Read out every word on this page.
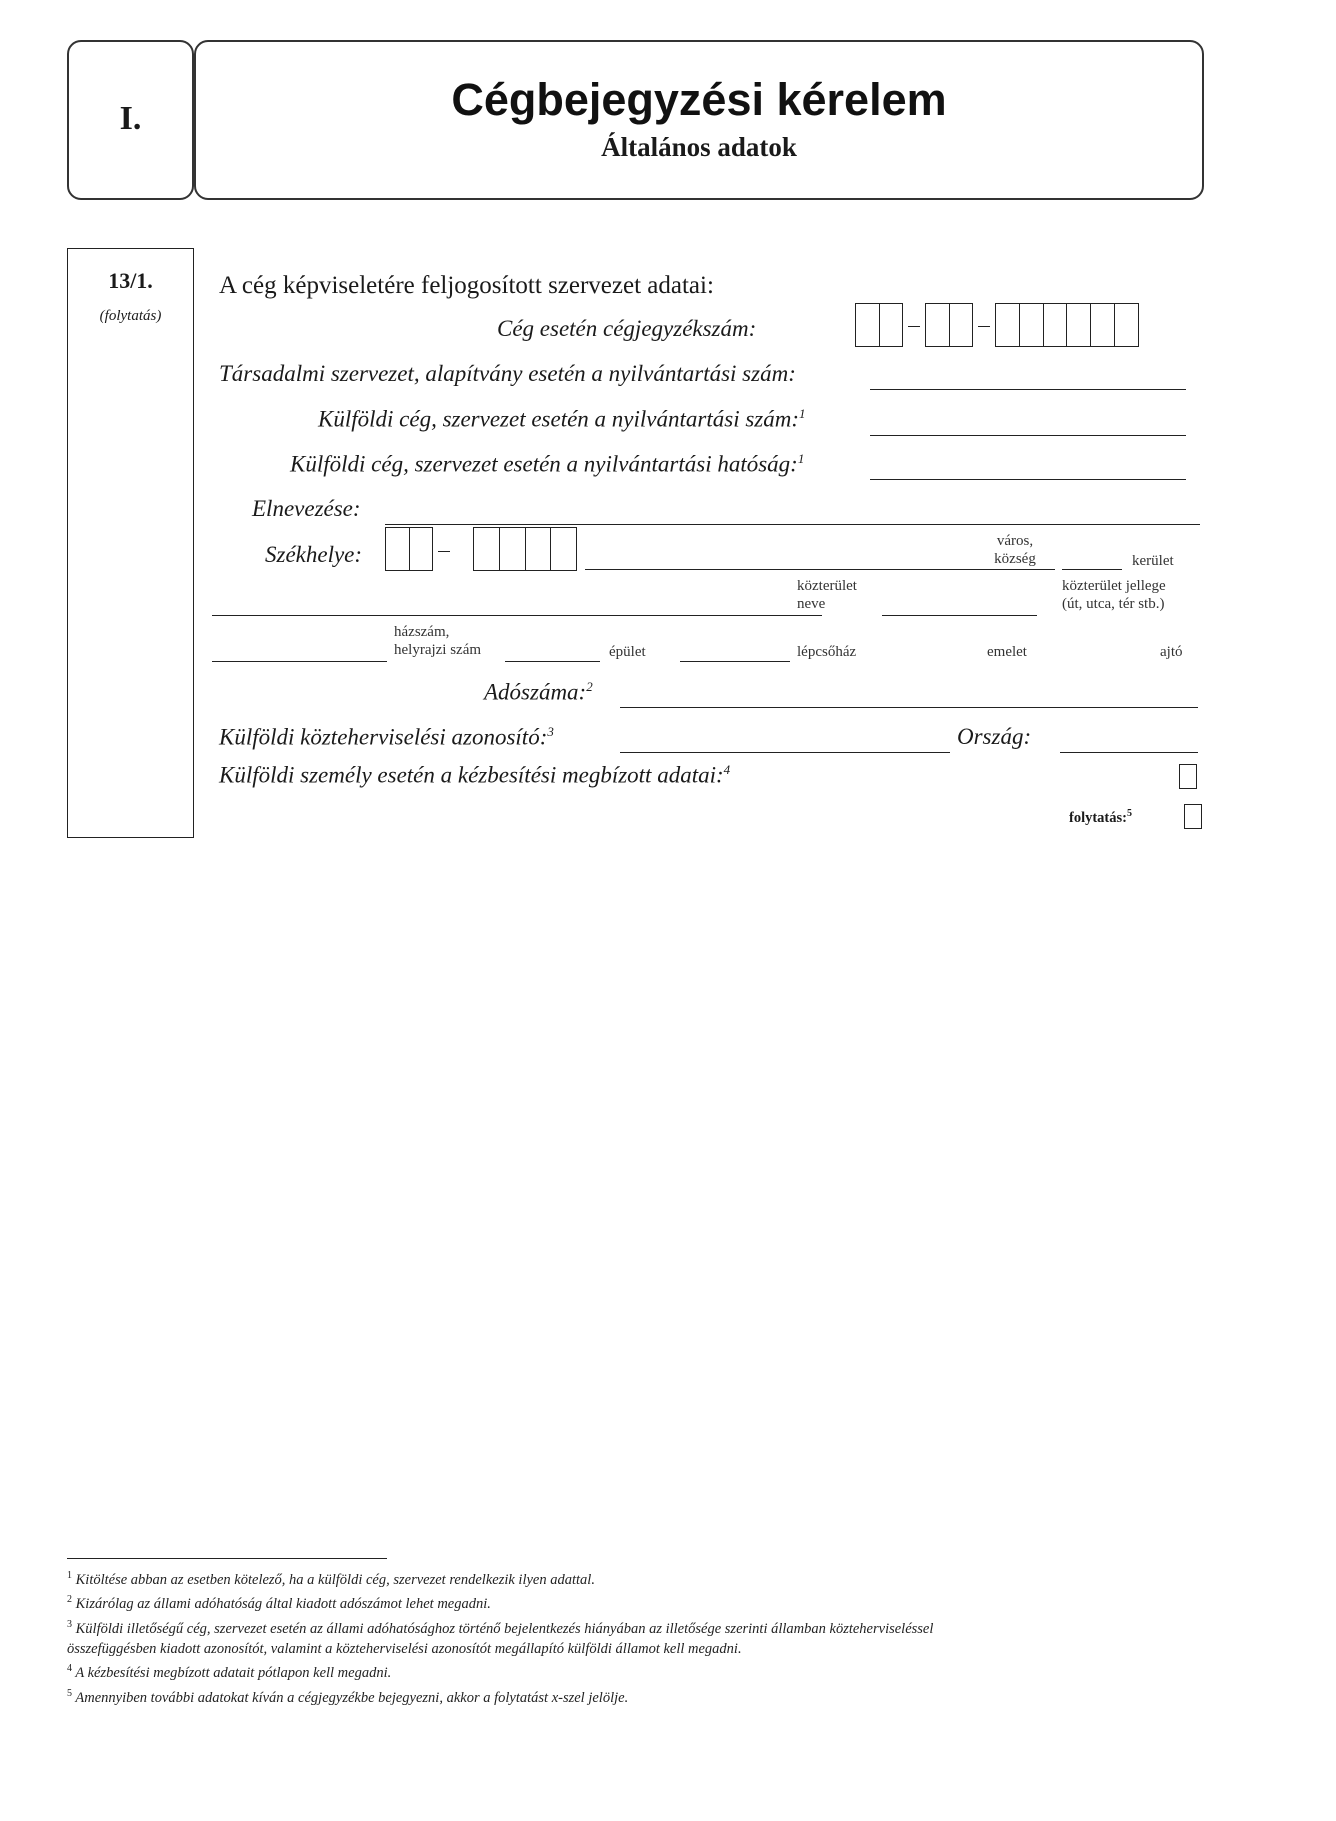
I.	Cégbejegyzési kérelem
Általános adatok
13/1.
(folytatás)
A cég képviseletére feljogosított szervezet adatai:
Cég esetén cégjegyzékszám:
Társadalmi szervezet, alapítvány esetén a nyilvántartási szám:
Külföldi cég, szervezet esetén a nyilvántartási szám:$^1$
Külföldi cég, szervezet esetén a nyilvántartási hatóság:$^1$
Elnevezése:
Székhelye:
város,
község	kerület
közterület
neve
közterület jellege
(út, utca, tér stb.)
házszám,
helyrajzi szám	épület	lépcsőház	emelet	ajtó
Adószáma:$^2$
Külföldi közteherviselési azonosító:$^3$	Ország:
Külföldi személy esetén a kézbesítési megbízott adatai:$^4$
folytatás:$^5$
$^1$ Kitöltése abban az esetben kötelező, ha a külföldi cég, szervezet rendelkezik ilyen adattal.
$^2$ Kizárólag az állami adóhatóság által kiadott adószámot lehet megadni.
$^3$ Külföldi illetőségű cég, szervezet esetén az állami adóhatósághoz történő bejelentkezés hiányában az illetősége szerinti államban közteherviseléssel
összefüggésben kiadott azonosítót, valamint a közteherviselési azonosítót megállapító külföldi államot kell megadni.
$^4$ A kézbesítési megbízott adatait pótlapon kell megadni.
$^5$ Amennyiben további adatokat kíván a cégjegyzékbe bejegyezni, akkor a folytatást x-szel jelölje.
